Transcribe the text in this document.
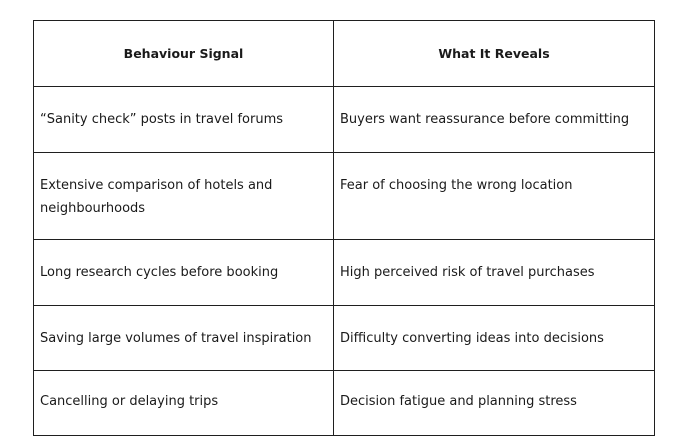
Behaviour Signal	What It Reveals
“Sanity check” posts in travel forums	Buyers want reassurance before committing
Extensive comparison of hotels and neighbourhoods	Fear of choosing the wrong location
Long research cycles before booking	High perceived risk of travel purchases
Saving large volumes of travel inspiration	Difficulty converting ideas into decisions
Cancelling or delaying trips	Decision fatigue and planning stress
